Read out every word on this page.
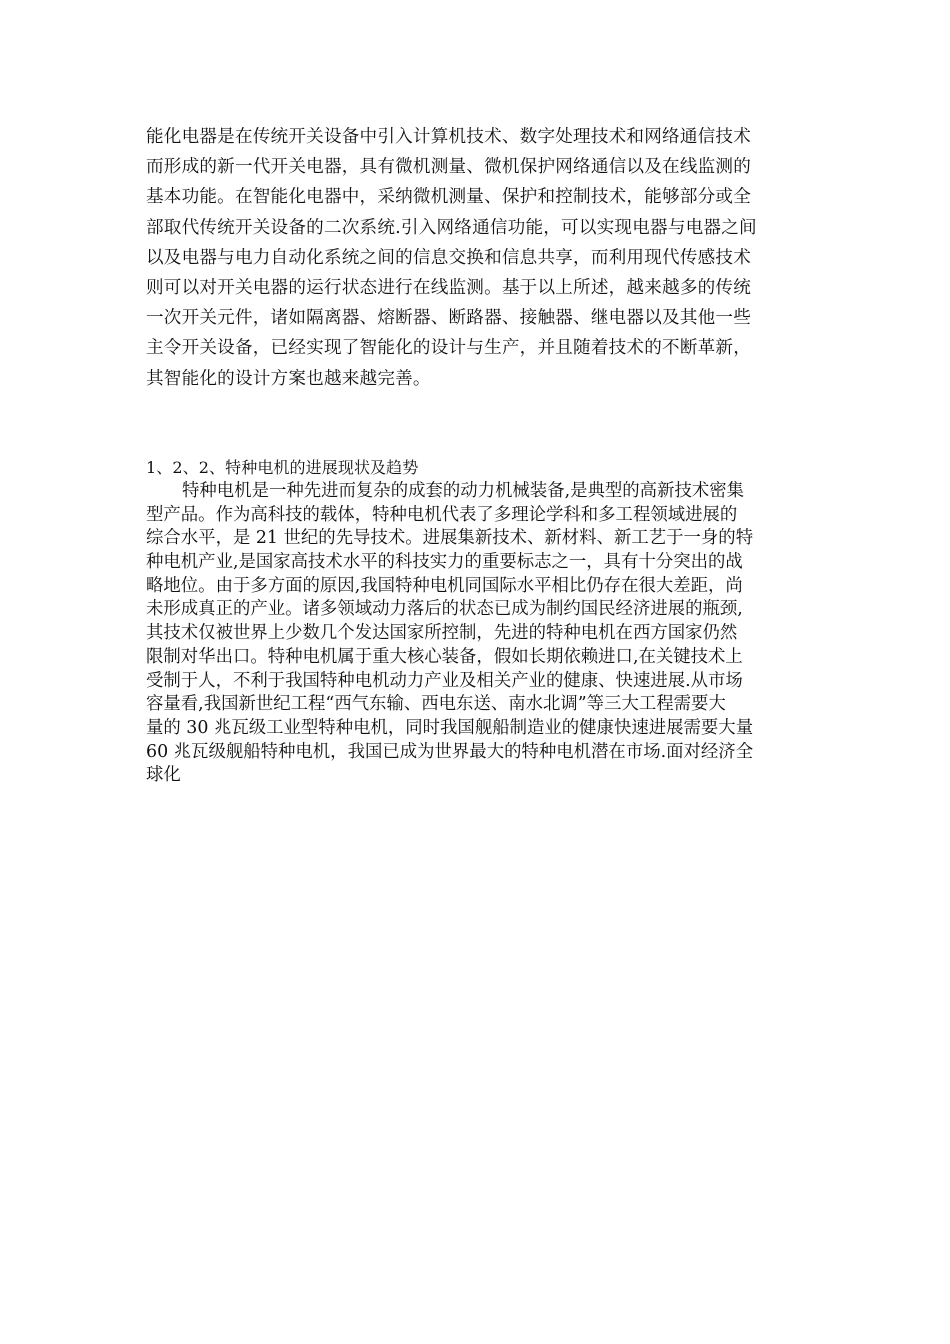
能化电器是在传统开关设备中引入计算机技术、数字处理技术和网络通信技术
而形成的新一代开关电器，具有微机测量、微机保护网络通信以及在线监测的
基本功能。在智能化电器中，采纳微机测量、保护和控制技术，能够部分或全
部取代传统开关设备的二次系统.引入网络通信功能，可以实现电器与电器之间
以及电器与电力自动化系统之间的信息交换和信息共享，而利用现代传感技术
则可以对开关电器的运行状态进行在线监测。基于以上所述，越来越多的传统
一次开关元件，诸如隔离器、熔断器、断路器、接触器、继电器以及其他一些
主令开关设备，已经实现了智能化的设计与生产，并且随着技术的不断革新，
其智能化的设计方案也越来越完善。
1、2、2、特种电机的进展现状及趋势
特种电机是一种先进而复杂的成套的动力机械装备,是典型的高新技术密集
型产品。作为高科技的载体，特种电机代表了多理论学科和多工程领域进展的
综合水平，是 21 世纪的先导技术。进展集新技术、新材料、新工艺于一身的特
种电机产业,是国家高技术水平的科技实力的重要标志之一，具有十分突出的战
略地位。由于多方面的原因,我国特种电机同国际水平相比仍存在很大差距，尚
未形成真正的产业。诸多领域动力落后的状态已成为制约国民经济进展的瓶颈,
其技术仅被世界上少数几个发达国家所控制，先进的特种电机在西方国家仍然
限制对华出口。特种电机属于重大核心装备，假如长期依赖进口,在关键技术上
受制于人，不利于我国特种电机动力产业及相关产业的健康、快速进展.从市场
容量看,我国新世纪工程“西气东输、西电东送、南水北调”等三大工程需要大
量的 30 兆瓦级工业型特种电机，同时我国舰船制造业的健康快速进展需要大量
60 兆瓦级舰船特种电机，我国已成为世界最大的特种电机潜在市场.面对经济全
球化
